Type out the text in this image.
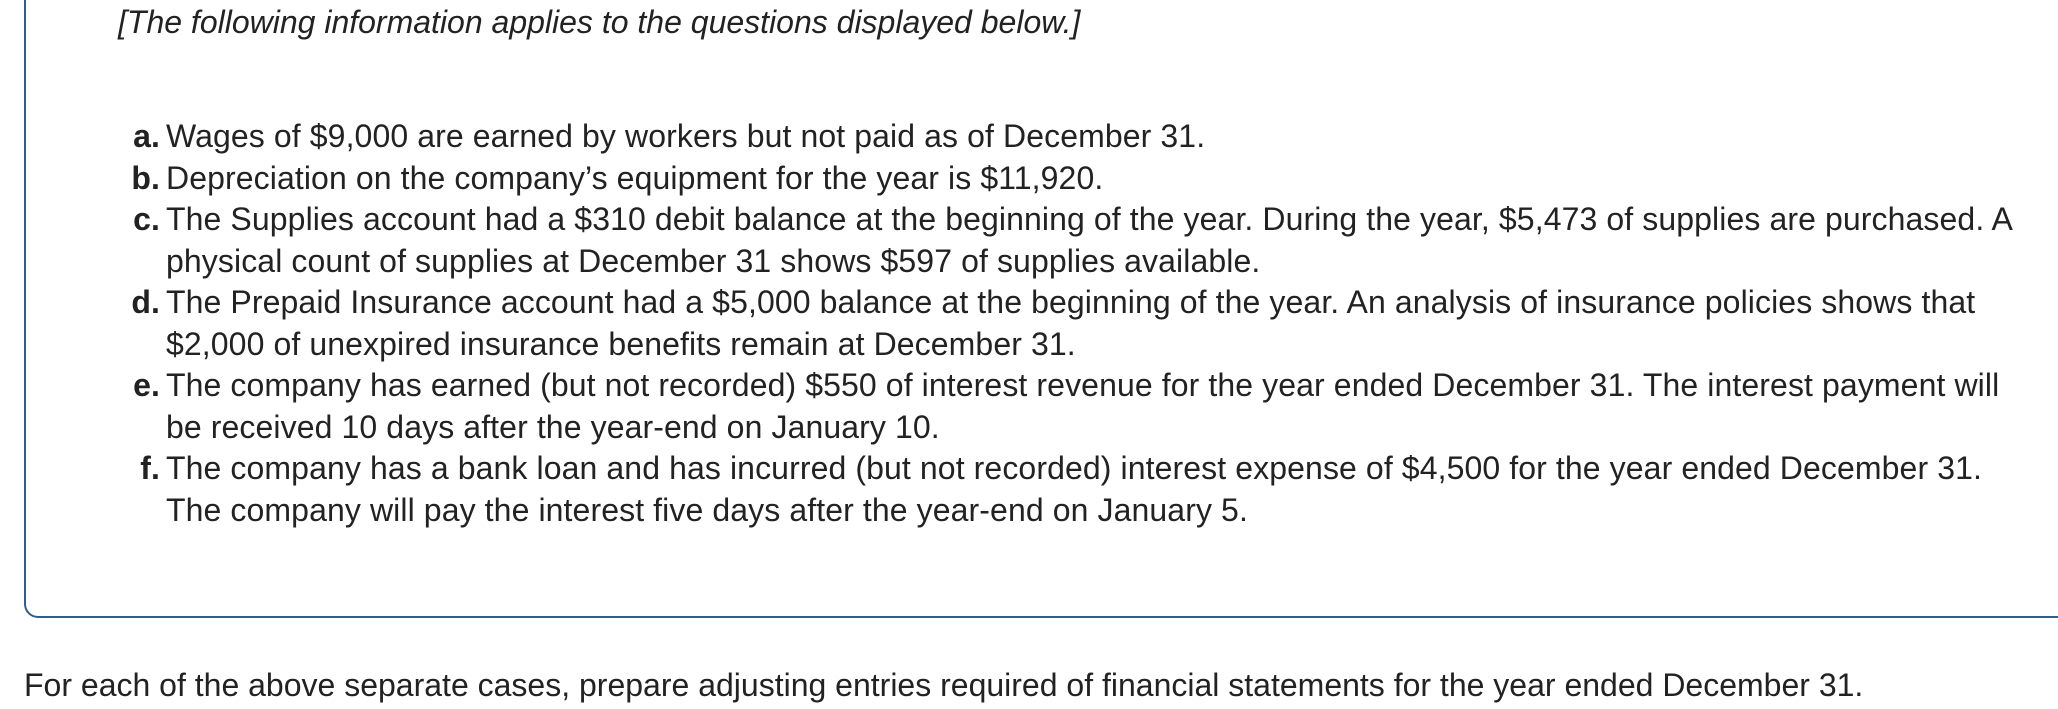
[The following information applies to the questions displayed below.]
a. Wages of $9,000 are earned by workers but not paid as of December 31.
b. Depreciation on the company’s equipment for the year is $11,920.
c. The Supplies account had a $310 debit balance at the beginning of the year. During the year, $5,473 of supplies are purchased. A physical count of supplies at December 31 shows $597 of supplies available.
d. The Prepaid Insurance account had a $5,000 balance at the beginning of the year. An analysis of insurance policies shows that $2,000 of unexpired insurance benefits remain at December 31.
e. The company has earned (but not recorded) $550 of interest revenue for the year ended December 31. The interest payment will be received 10 days after the year-end on January 10.
f. The company has a bank loan and has incurred (but not recorded) interest expense of $4,500 for the year ended December 31. The company will pay the interest five days after the year-end on January 5.
For each of the above separate cases, prepare adjusting entries required of financial statements for the year ended December 31.
